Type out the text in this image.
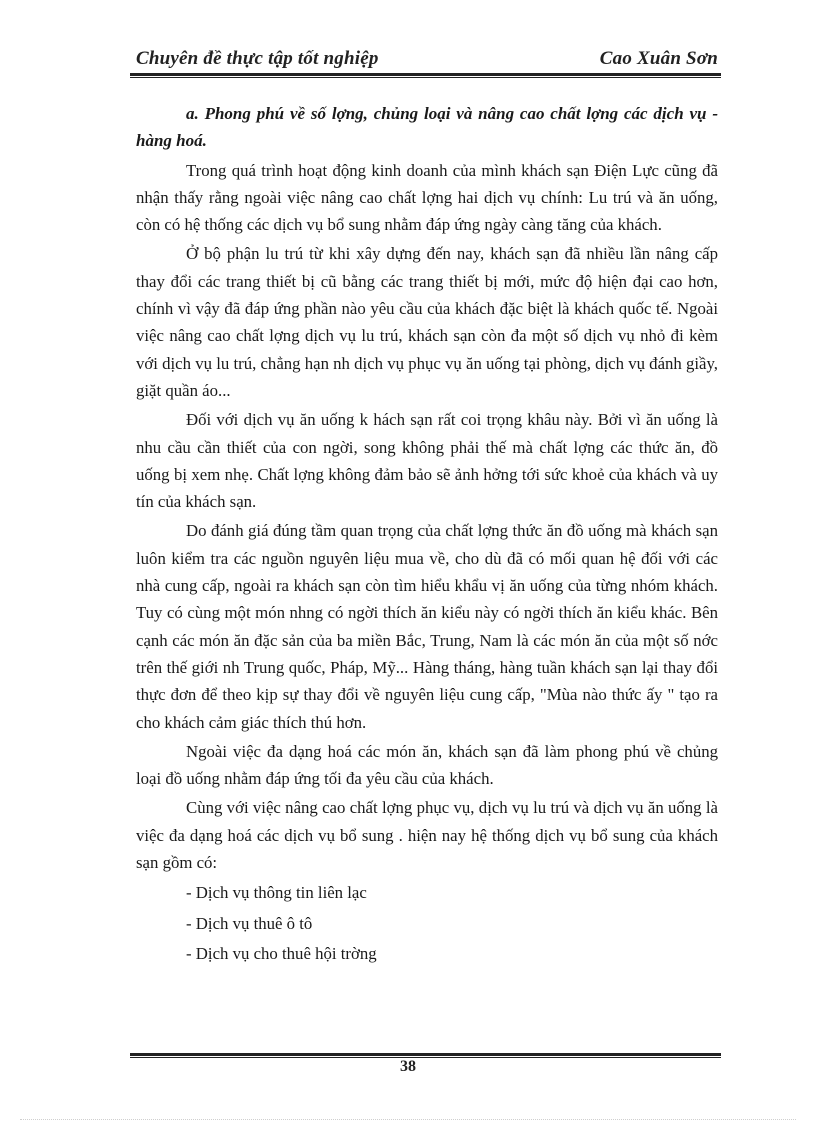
Chuyên đề thực tập tốt nghiệp	Cao Xuân Sơn

a. Phong phú về số lợng, chủng loại và nâng cao chất lợng các dịch vụ - hàng hoá.

Trong quá trình hoạt động kinh doanh của mình khách sạn Điện Lực cũng đã nhận thấy rằng ngoài việc nâng cao chất lợng hai dịch vụ chính: Lu trú và ăn uống, còn có hệ thống các dịch vụ bổ sung nhằm đáp ứng ngày càng tăng của khách.

Ở bộ phận lu trú từ khi xây dựng đến nay, khách sạn đã nhiều lần nâng cấp thay đổi các trang thiết bị cũ bằng các trang thiết bị mới, mức độ hiện đại cao hơn, chính vì vậy đã đáp ứng phần nào yêu cầu của khách đặc biệt là khách quốc tế. Ngoài việc nâng cao chất lợng dịch vụ lu trú, khách sạn còn đa một số dịch vụ nhỏ đi kèm với dịch vụ lu trú, chẳng hạn nh dịch vụ phục vụ ăn uống tại phòng, dịch vụ đánh giầy, giặt quần áo...

Đối với dịch vụ ăn uống k hách sạn rất coi trọng khâu này. Bởi vì ăn uống là nhu cầu cần thiết của con ngời, song không phải thế mà chất lợng các thức ăn, đồ uống bị xem nhẹ. Chất lợng không đảm bảo sẽ ảnh hởng tới sức khoẻ của khách và uy tín của khách sạn.

Do đánh giá đúng tầm quan trọng của chất lợng thức ăn đồ uống mà khách sạn luôn kiểm tra các nguồn nguyên liệu mua về, cho dù đã có mối quan hệ đối với các nhà cung cấp, ngoài ra khách sạn còn tìm hiểu khẩu vị ăn uống của từng nhóm khách. Tuy có cùng một món nhng có ngời thích ăn kiểu này có ngời thích ăn kiểu khác. Bên cạnh các món ăn đặc sản của ba miền Bắc, Trung, Nam là các món ăn của một số nớc trên thế giới nh Trung quốc, Pháp, Mỹ... Hàng tháng, hàng tuần khách sạn lại thay đổi thực đơn để theo kịp sự thay đổi về nguyên liệu cung cấp, "Mùa nào thức ấy " tạo ra cho khách cảm giác thích thú hơn.

Ngoài việc đa dạng hoá các món ăn, khách sạn đã làm phong phú về chủng loại đồ uống nhằm đáp ứng tối đa yêu cầu của khách.

Cùng với việc nâng cao chất lợng phục vụ, dịch vụ lu trú và dịch vụ ăn uống là việc đa dạng hoá các dịch vụ bổ sung . hiện nay hệ thống dịch vụ bổ sung của khách sạn gồm có:

- Dịch vụ thông tin liên lạc
- Dịch vụ thuê ô tô
- Dịch vụ cho thuê hội trờng
38
